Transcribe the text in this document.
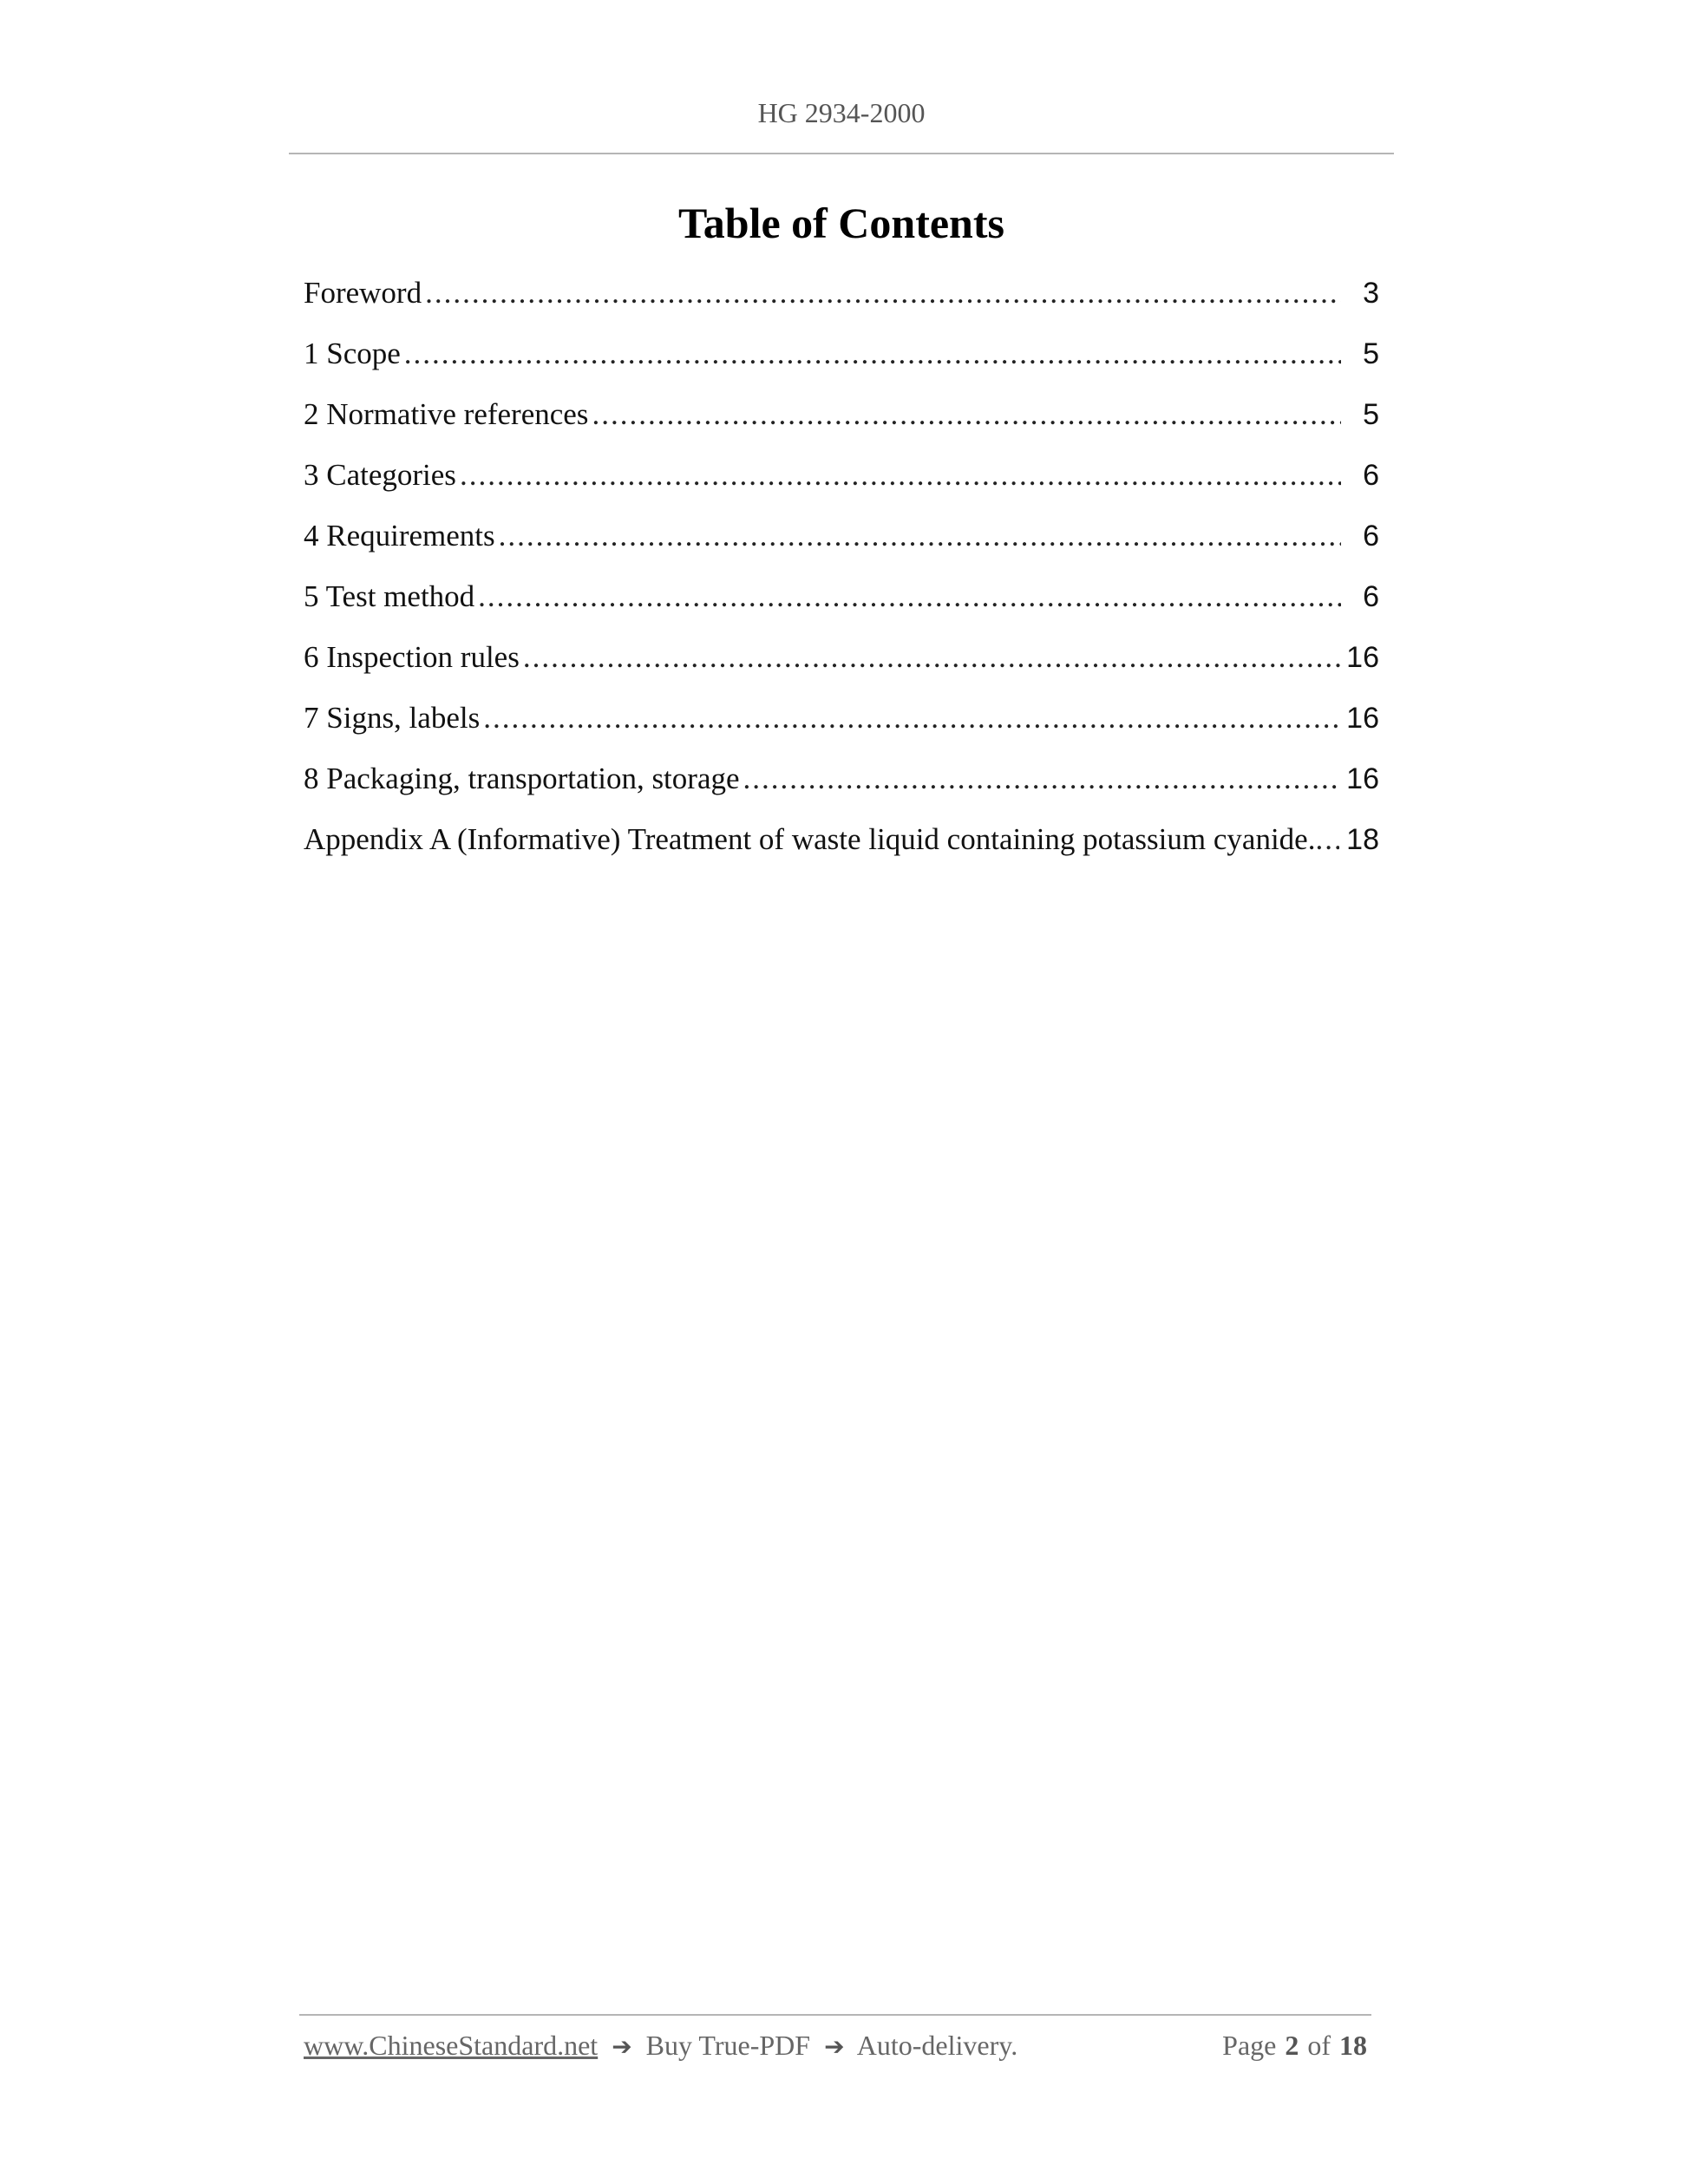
HG 2934-2000
Table of Contents
Foreword .....	3
1 Scope .....	5
2 Normative references .....	5
3 Categories .....	6
4 Requirements .....	6
5 Test method .....	6
6 Inspection rules .....	16
7 Signs, labels .....	16
8 Packaging, transportation, storage .....	16
Appendix A (Informative) Treatment of waste liquid containing potassium cyanide. ..... 18
www.ChineseStandard.net ➔ Buy True-PDF ➔ Auto-delivery.	Page 2 of 18
